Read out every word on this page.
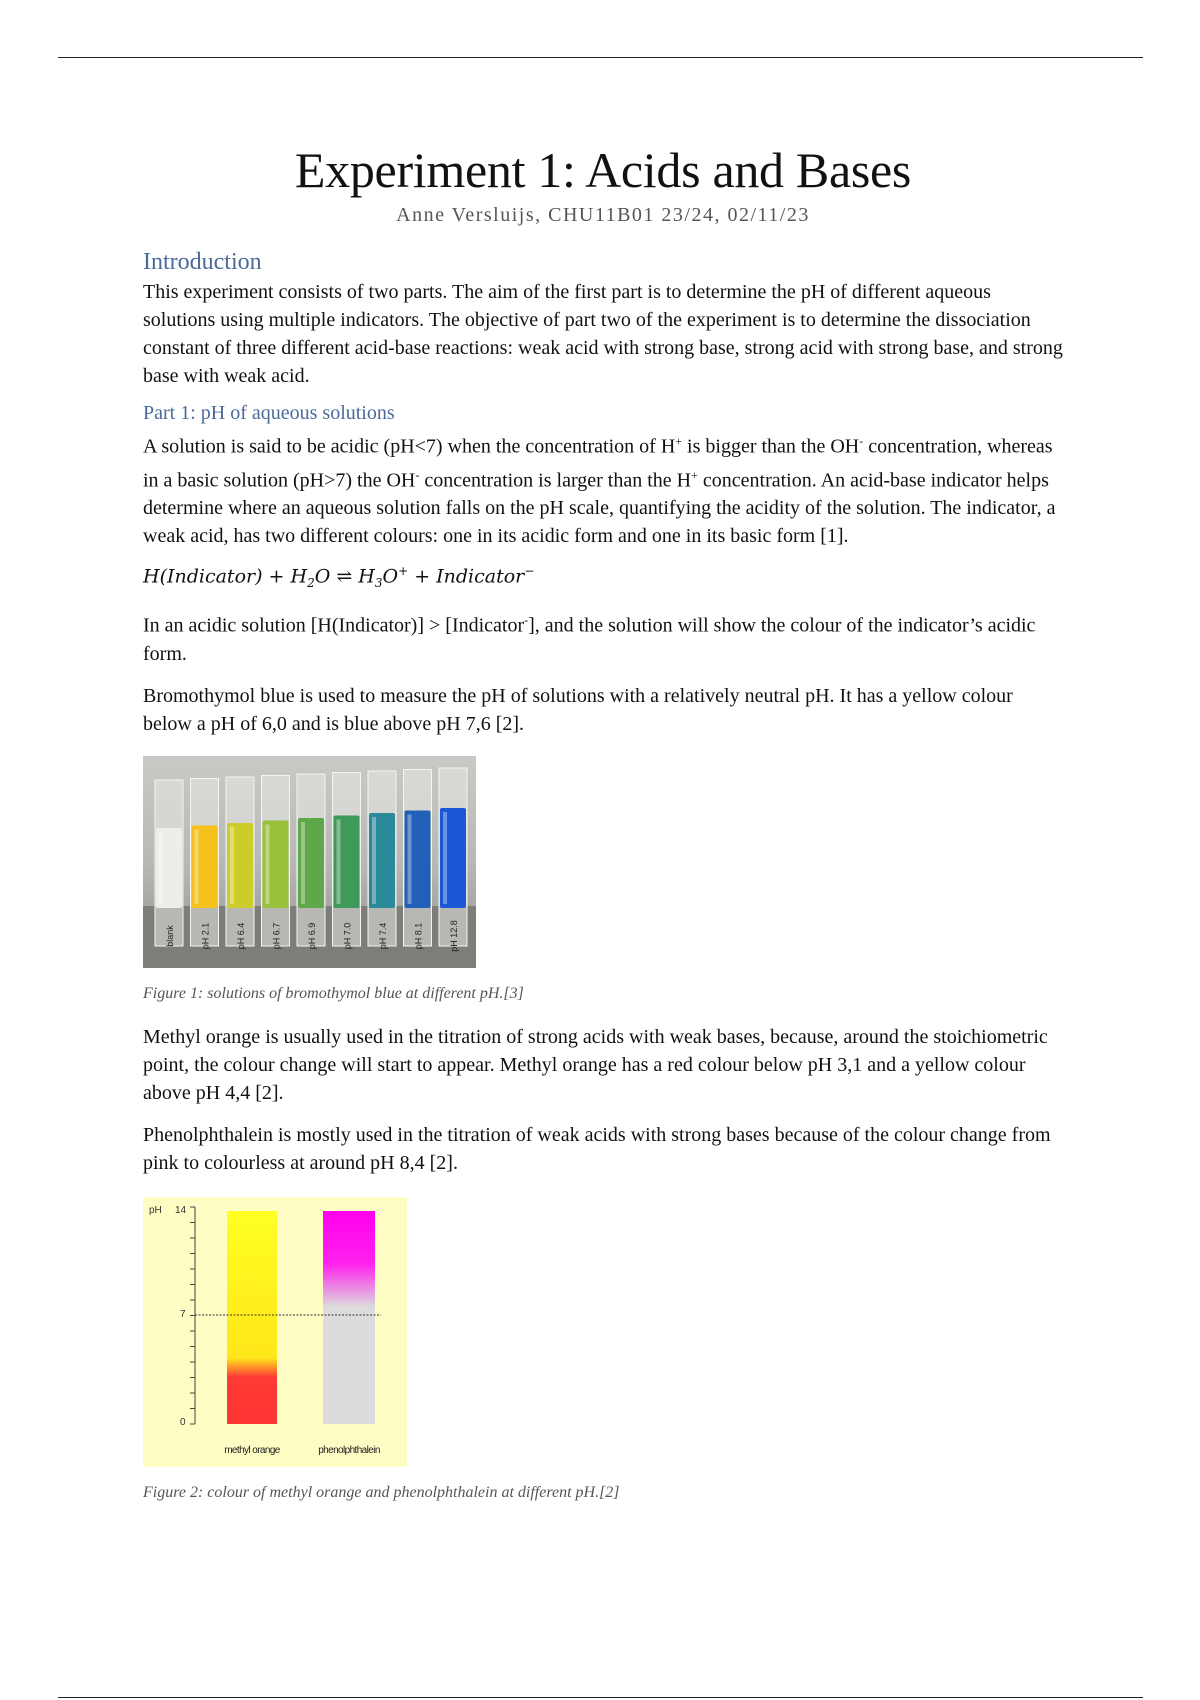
Experiment 1: Acids and Bases
Anne Versluijs, CHU11B01 23/24, 02/11/23
Introduction

This experiment consists of two parts. The aim of the first part is to determine the pH of different aqueous solutions using multiple indicators. The objective of part two of the experiment is to determine the dissociation constant of three different acid-base reactions: weak acid with strong base, strong acid with strong base, and strong base with weak acid.

Part 1: pH of aqueous solutions

A solution is said to be acidic (pH<7) when the concentration of H+ is bigger than the OH- concentration, whereas in a basic solution (pH>7) the OH- concentration is larger than the H+ concentration. An acid-base indicator helps determine where an aqueous solution falls on the pH scale, quantifying the acidity of the solution. The indicator, a weak acid, has two different colours: one in its acidic form and one in its basic form [1].

H(Indicator) + $H_2O$ ⇌ $H_3O^+$ + Indicator−

In an acidic solution [H(Indicator)] > [Indicator-], and the solution will show the colour of the indicator’s acidic form.

Bromothymol blue is used to measure the pH of solutions with a relatively neutral pH. It has a yellow colour below a pH of 6,0 and is blue above pH 7,6 [2].

blank	pH 2.1	pH 6.4	pH 6.7	pH 6.9	pH 7.0	pH 7.4	pH 8.1	pH 12.8
Figure 1: solutions of bromothymol blue at different pH.[3]

Methyl orange is usually used in the titration of strong acids with weak bases, because, around the stoichiometric point, the colour change will start to appear. Methyl orange has a red colour below pH 3,1 and a yellow colour above pH 4,4 [2].

Phenolphthalein is mostly used in the titration of weak acids with strong bases because of the colour change from pink to colourless at around pH 8,4 [2].

pH 14
7
0
methyl orange	phenolphthalein
Figure 2: colour of methyl orange and phenolphthalein at different pH.[2]
